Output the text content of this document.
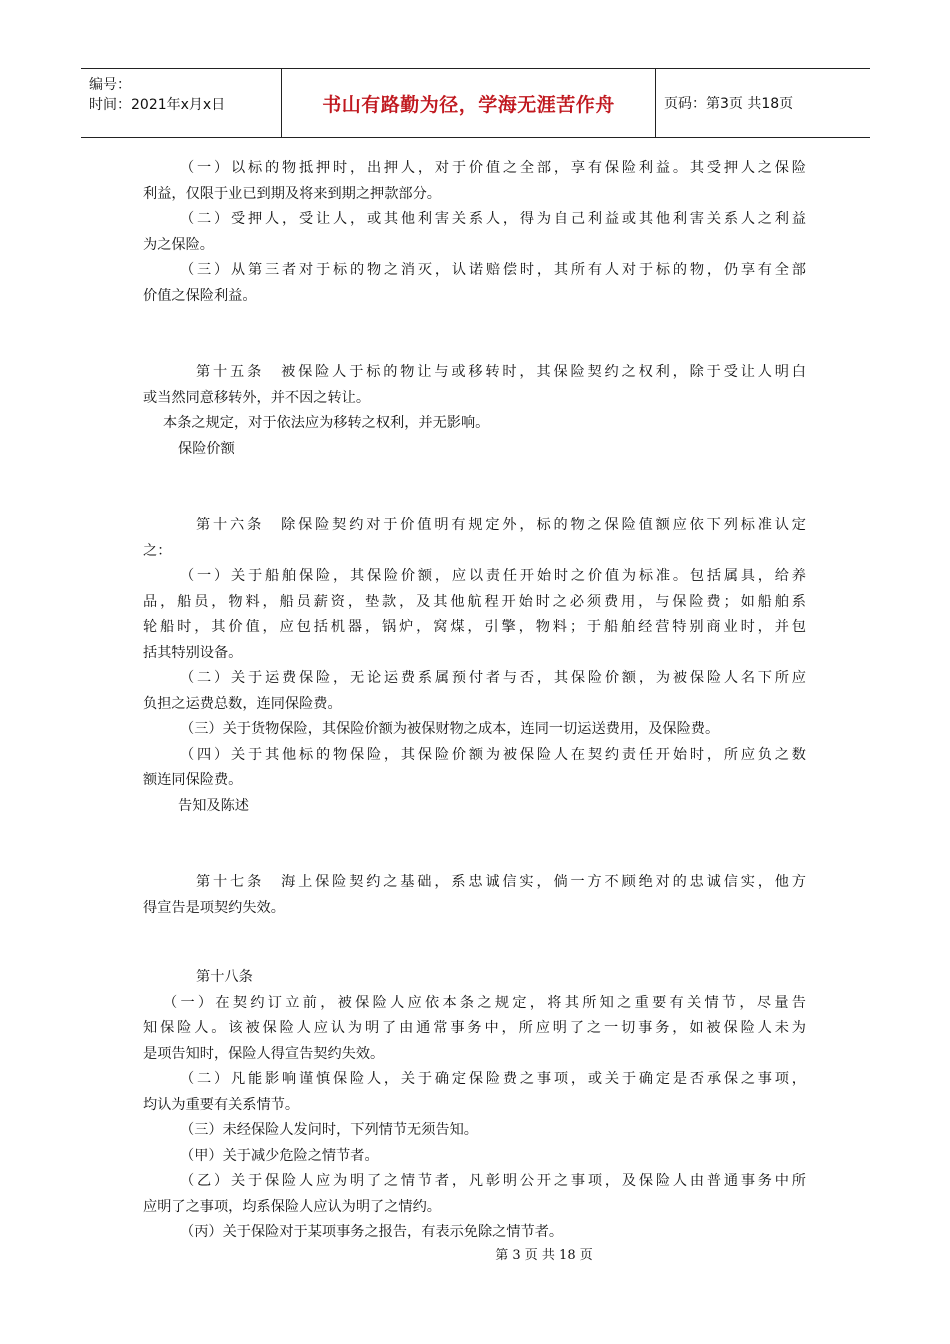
编号：
时间：2021年x月x日	书山有路勤为径，学海无涯苦作舟	页码：第3页 共18页
（一）以标的物抵押时，出押人，对于价值之全部，享有保险利益。其受押人之保险
利益，仅限于业已到期及将来到期之押款部分。
（二）受押人，受让人，或其他利害关系人，得为自己利益或其他利害关系人之利益
为之保险。
（三）从第三者对于标的物之消灭，认诺赔偿时，其所有人对于标的物，仍享有全部
价值之保险利益。
第十五条　被保险人于标的物让与或移转时，其保险契约之权利，除于受让人明白
或当然同意移转外，并不因之转让。
本条之规定，对于依法应为移转之权利，并无影响。
保险价额
第十六条　除保险契约对于价值明有规定外，标的物之保险值额应依下列标准认定
之：
（一）关于船舶保险，其保险价额，应以责任开始时之价值为标准。包括属具，给养
品，船员，物料，船员薪资，垫款，及其他航程开始时之必须费用，与保险费；如船舶系
轮船时，其价值，应包括机器，锅炉，窝煤，引擎，物料；于船舶经营特别商业时，并包
括其特别设备。
（二）关于运费保险，无论运费系属预付者与否，其保险价额，为被保险人名下所应
负担之运费总数，连同保险费。
（三）关于货物保险，其保险价额为被保财物之成本，连同一切运送费用，及保险费。
（四）关于其他标的物保险，其保险价额为被保险人在契约责任开始时，所应负之数
额连同保险费。
告知及陈述
第十七条　海上保险契约之基础，系忠诚信实，倘一方不顾绝对的忠诚信实，他方
得宣告是项契约失效。
第十八条
（一）在契约订立前，被保险人应依本条之规定，将其所知之重要有关情节，尽量告
知保险人。该被保险人应认为明了由通常事务中，所应明了之一切事务，如被保险人未为
是项告知时，保险人得宣告契约失效。
（二）凡能影响谨慎保险人，关于确定保险费之事项，或关于确定是否承保之事项，
均认为重要有关系情节。
（三）未经保险人发问时，下列情节无须告知。
（甲）关于减少危险之情节者。
（乙）关于保险人应为明了之情节者，凡彰明公开之事项，及保险人由普通事务中所
应明了之事项，均系保险人应认为明了之情约。
（丙）关于保险对于某项事务之报告，有表示免除之情节者。
第 3 页 共 18 页
